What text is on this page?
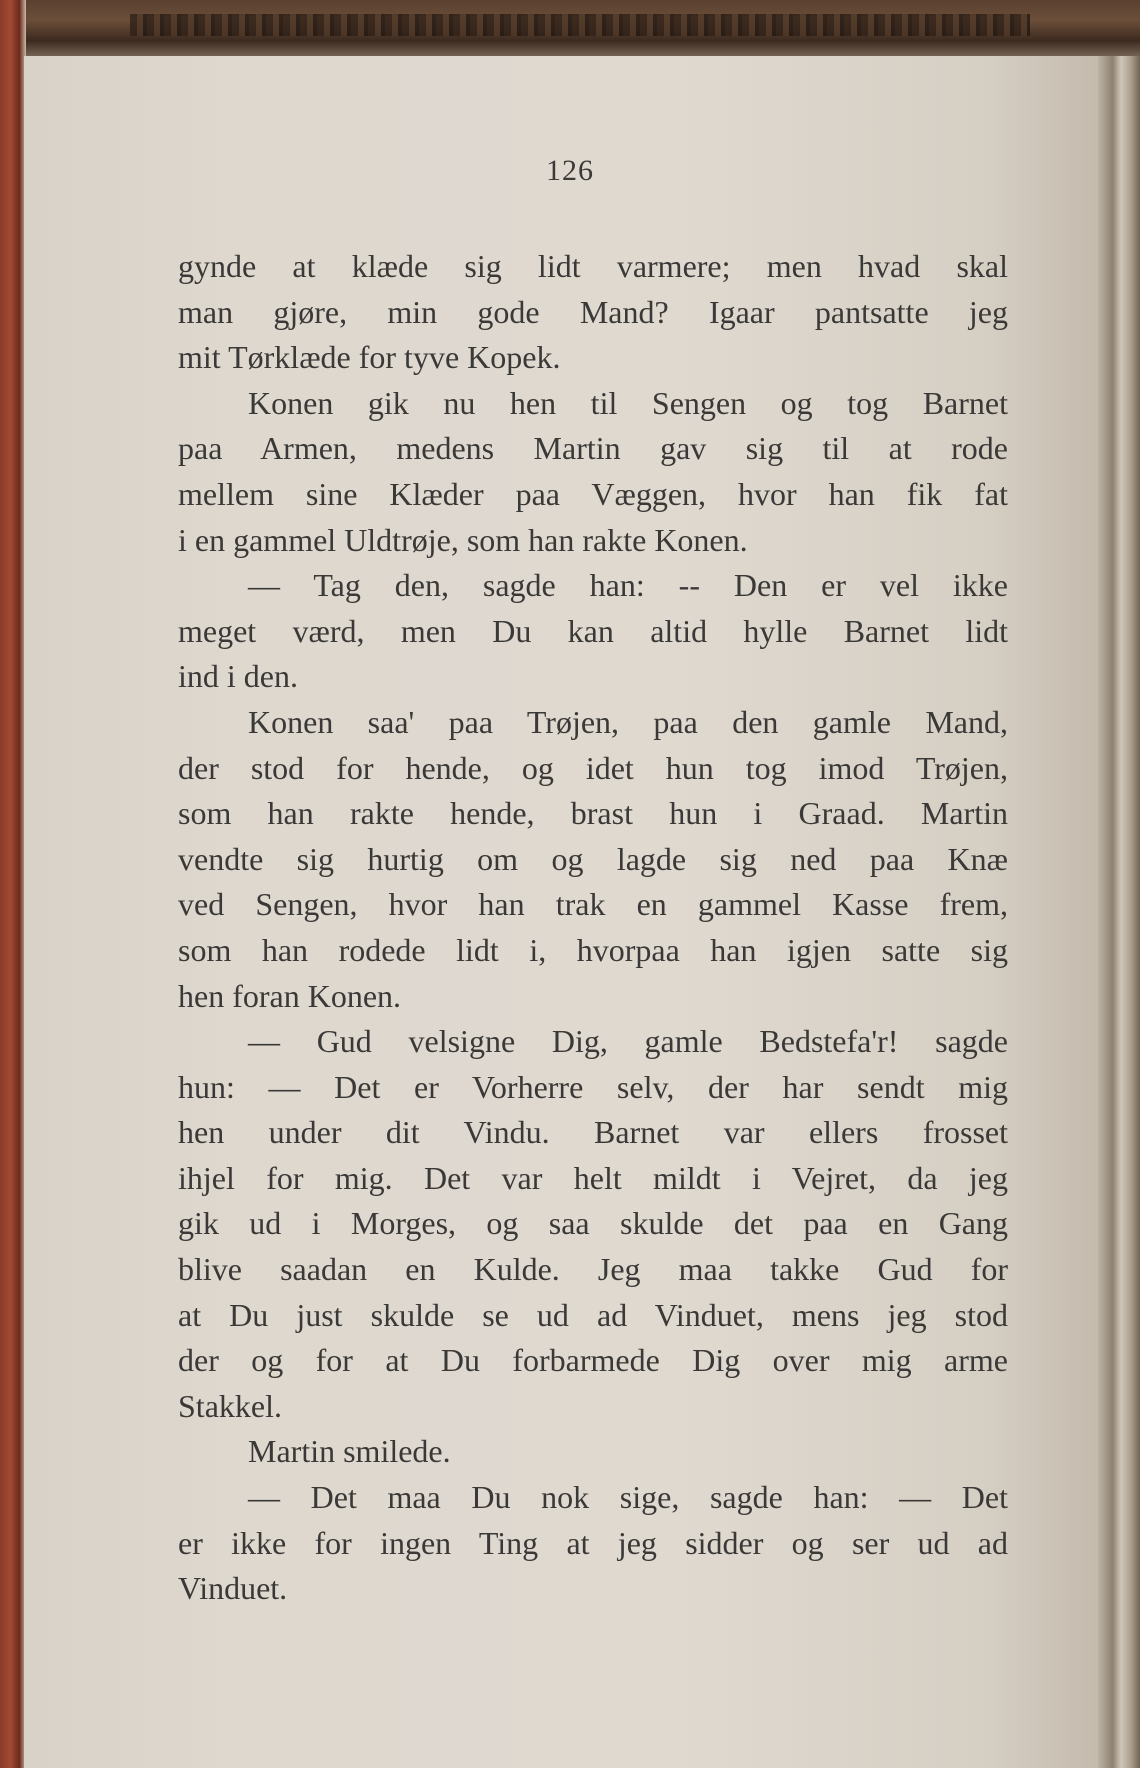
126
gynde at klæde sig lidt varmere; men hvad skal
man gjøre, min gode Mand? Igaar pantsatte jeg
mit Tørklæde for tyve Kopek.
Konen gik nu hen til Sengen og tog Barnet
paa Armen, medens Martin gav sig til at rode
mellem sine Klæder paa Væggen, hvor han fik fat
i en gammel Uldtrøje, som han rakte Konen.
— Tag den, sagde han: -- Den er vel ikke
meget værd, men Du kan altid hylle Barnet lidt
ind i den.
Konen saa' paa Trøjen, paa den gamle Mand,
der stod for hende, og idet hun tog imod Trøjen,
som han rakte hende, brast hun i Graad. Martin
vendte sig hurtig om og lagde sig ned paa Knæ
ved Sengen, hvor han trak en gammel Kasse frem,
som han rodede lidt i, hvorpaa han igjen satte sig
hen foran Konen.
— Gud velsigne Dig, gamle Bedstefa'r! sagde
hun: — Det er Vorherre selv, der har sendt mig
hen under dit Vindu. Barnet var ellers frosset
ihjel for mig. Det var helt mildt i Vejret, da jeg
gik ud i Morges, og saa skulde det paa en Gang
blive saadan en Kulde. Jeg maa takke Gud for
at Du just skulde se ud ad Vinduet, mens jeg stod
der og for at Du forbarmede Dig over mig arme
Stakkel.
Martin smilede.
— Det maa Du nok sige, sagde han: — Det
er ikke for ingen Ting at jeg sidder og ser ud ad
Vinduet.
